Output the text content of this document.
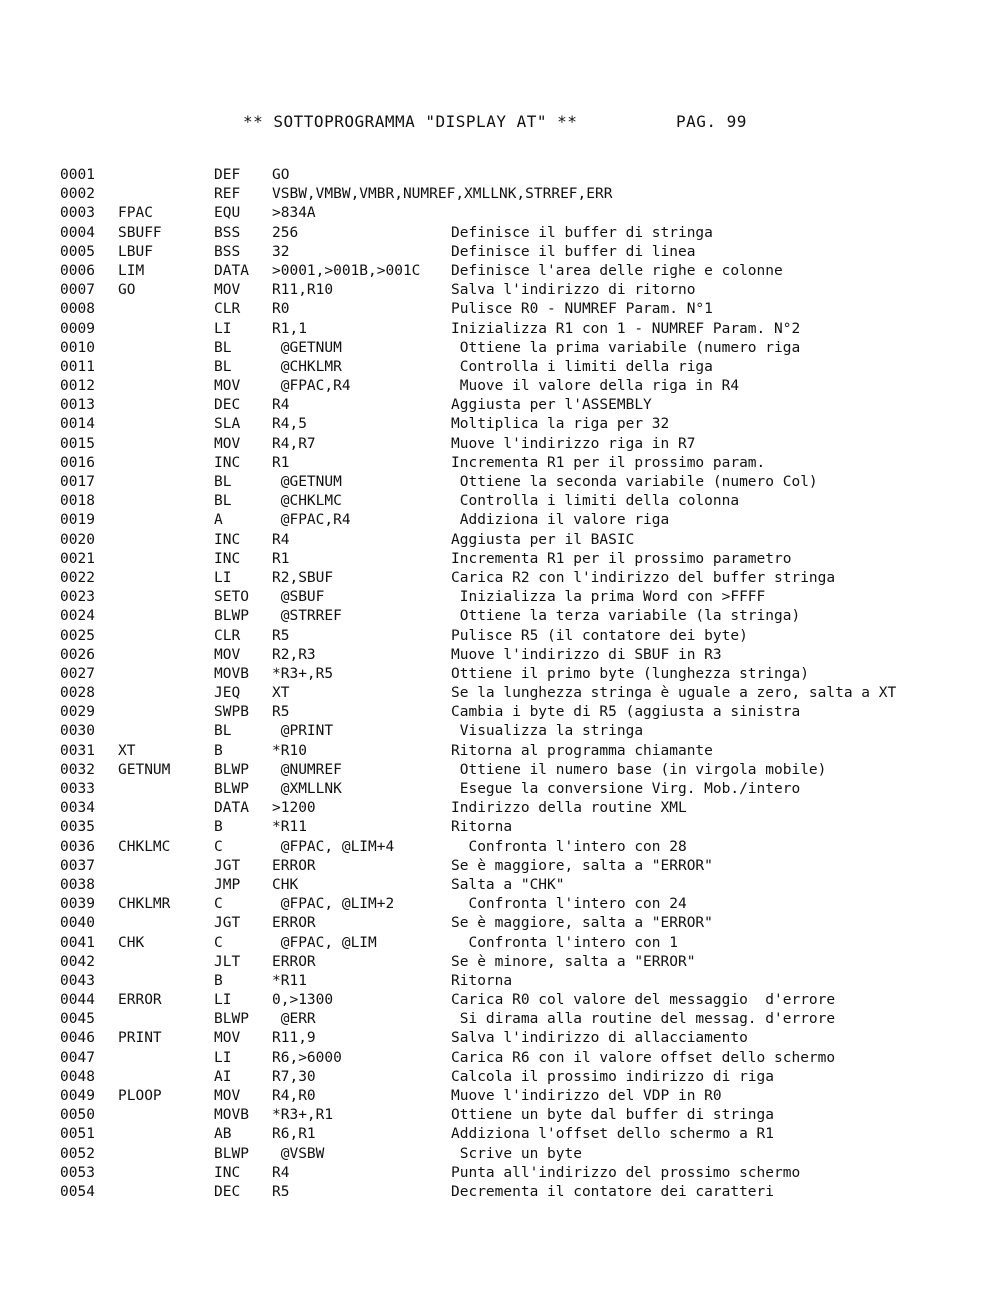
** SOTTOPROGRAMMA "DISPLAY AT" **	PAG. 99
0001	DEF GO
0002	REF VSBW,VMBW,VMBR,NUMREF,XMLLNK,STRREF,ERR
0003 FPAC	EQU >834A
0004 SBUFF	BSS 256	Definisce il buffer di stringa
0005 LBUF	BSS 32	Definisce il buffer di linea
0006 LIM	DATA >0001,>001B,>001C Definisce l'area delle righe e colonne
0007 GO	MOV R11,R10	Salva l'indirizzo di ritorno
0008	CLR R0	Pulisce R0 - NUMREF Param. N°1
0009	LI	R1,1	Inizializza R1 con 1 - NUMREF Param. N°2
0010	BL	@GETNUM	Ottiene la prima variabile (numero riga
0011	BL	@CHKLMR	Controlla i limiti della riga
0012	MOV @FPAC,R4	Muove il valore della riga in R4
0013	DEC R4	Aggiusta per l'ASSEMBLY
0014	SLA R4,5	Moltiplica la riga per 32
0015	MOV R4,R7	Muove l'indirizzo riga in R7
0016	INC R1	Incrementa R1 per il prossimo param.
0017	BL	@GETNUM	Ottiene la seconda variabile (numero Col)
0018	BL	@CHKLMC	Controlla i limiti della colonna
0019	A	@FPAC,R4	Addiziona il valore riga
0020	INC R4	Aggiusta per il BASIC
0021	INC R1	Incrementa R1 per il prossimo parametro
0022	LI	R2,SBUF	Carica R2 con l'indirizzo del buffer stringa
0023	SETO @SBUF	Inizializza la prima Word con >FFFF
0024	BLWP @STRREF	Ottiene la terza variabile (la stringa)
0025	CLR R5	Pulisce R5 (il contatore dei byte)
0026	MOV R2,R3	Muove l'indirizzo di SBUF in R3
0027	MOVB *R3+,R5	Ottiene il primo byte (lunghezza stringa)
0028	JEQ XT	Se la lunghezza stringa è uguale a zero, salta a XT
0029	SWPB R5	Cambia i byte di R5 (aggiusta a sinistra
0030	BL	@PRINT	Visualizza la stringa
0031 XT	B	*R10	Ritorna al programma chiamante
0032 GETNUM	BLWP @NUMREF	Ottiene il numero base (in virgola mobile)
0033	BLWP @XMLLNK	Esegue la conversione Virg. Mob./intero
0034	DATA >1200	Indirizzo della routine XML
0035	B	*R11	Ritorna
0036 CHKLMC	C	@FPAC, @LIM+4	Confronta l'intero con 28
0037	JGT ERROR	Se è maggiore, salta a "ERROR"
0038	JMP CHK	Salta a "CHK"
0039 CHKLMR	C	@FPAC, @LIM+2	Confronta l'intero con 24
0040	JGT ERROR	Se è maggiore, salta a "ERROR"
0041 CHK	C	@FPAC, @LIM	Confronta l'intero con 1
0042	JLT ERROR	Se è minore, salta a "ERROR"
0043	B	*R11	Ritorna
0044 ERROR	LI	0,>1300	Carica R0 col valore del messaggio  d'errore
0045	BLWP @ERR	Si dirama alla routine del messag. d'errore
0046 PRINT	MOV R11,9	Salva l'indirizzo di allacciamento
0047	LI	R6,>6000	Carica R6 con il valore offset dello schermo
0048	AI	R7,30	Calcola il prossimo indirizzo di riga
0049 PLOOP	MOV R4,R0	Muove l'indirizzo del VDP in R0
0050	MOVB *R3+,R1	Ottiene un byte dal buffer di stringa
0051	AB	R6,R1	Addiziona l'offset dello schermo a R1
0052	BLWP @VSBW	Scrive un byte
0053	INC R4	Punta all'indirizzo del prossimo schermo
0054	DEC R5	Decrementa il contatore dei caratteri
